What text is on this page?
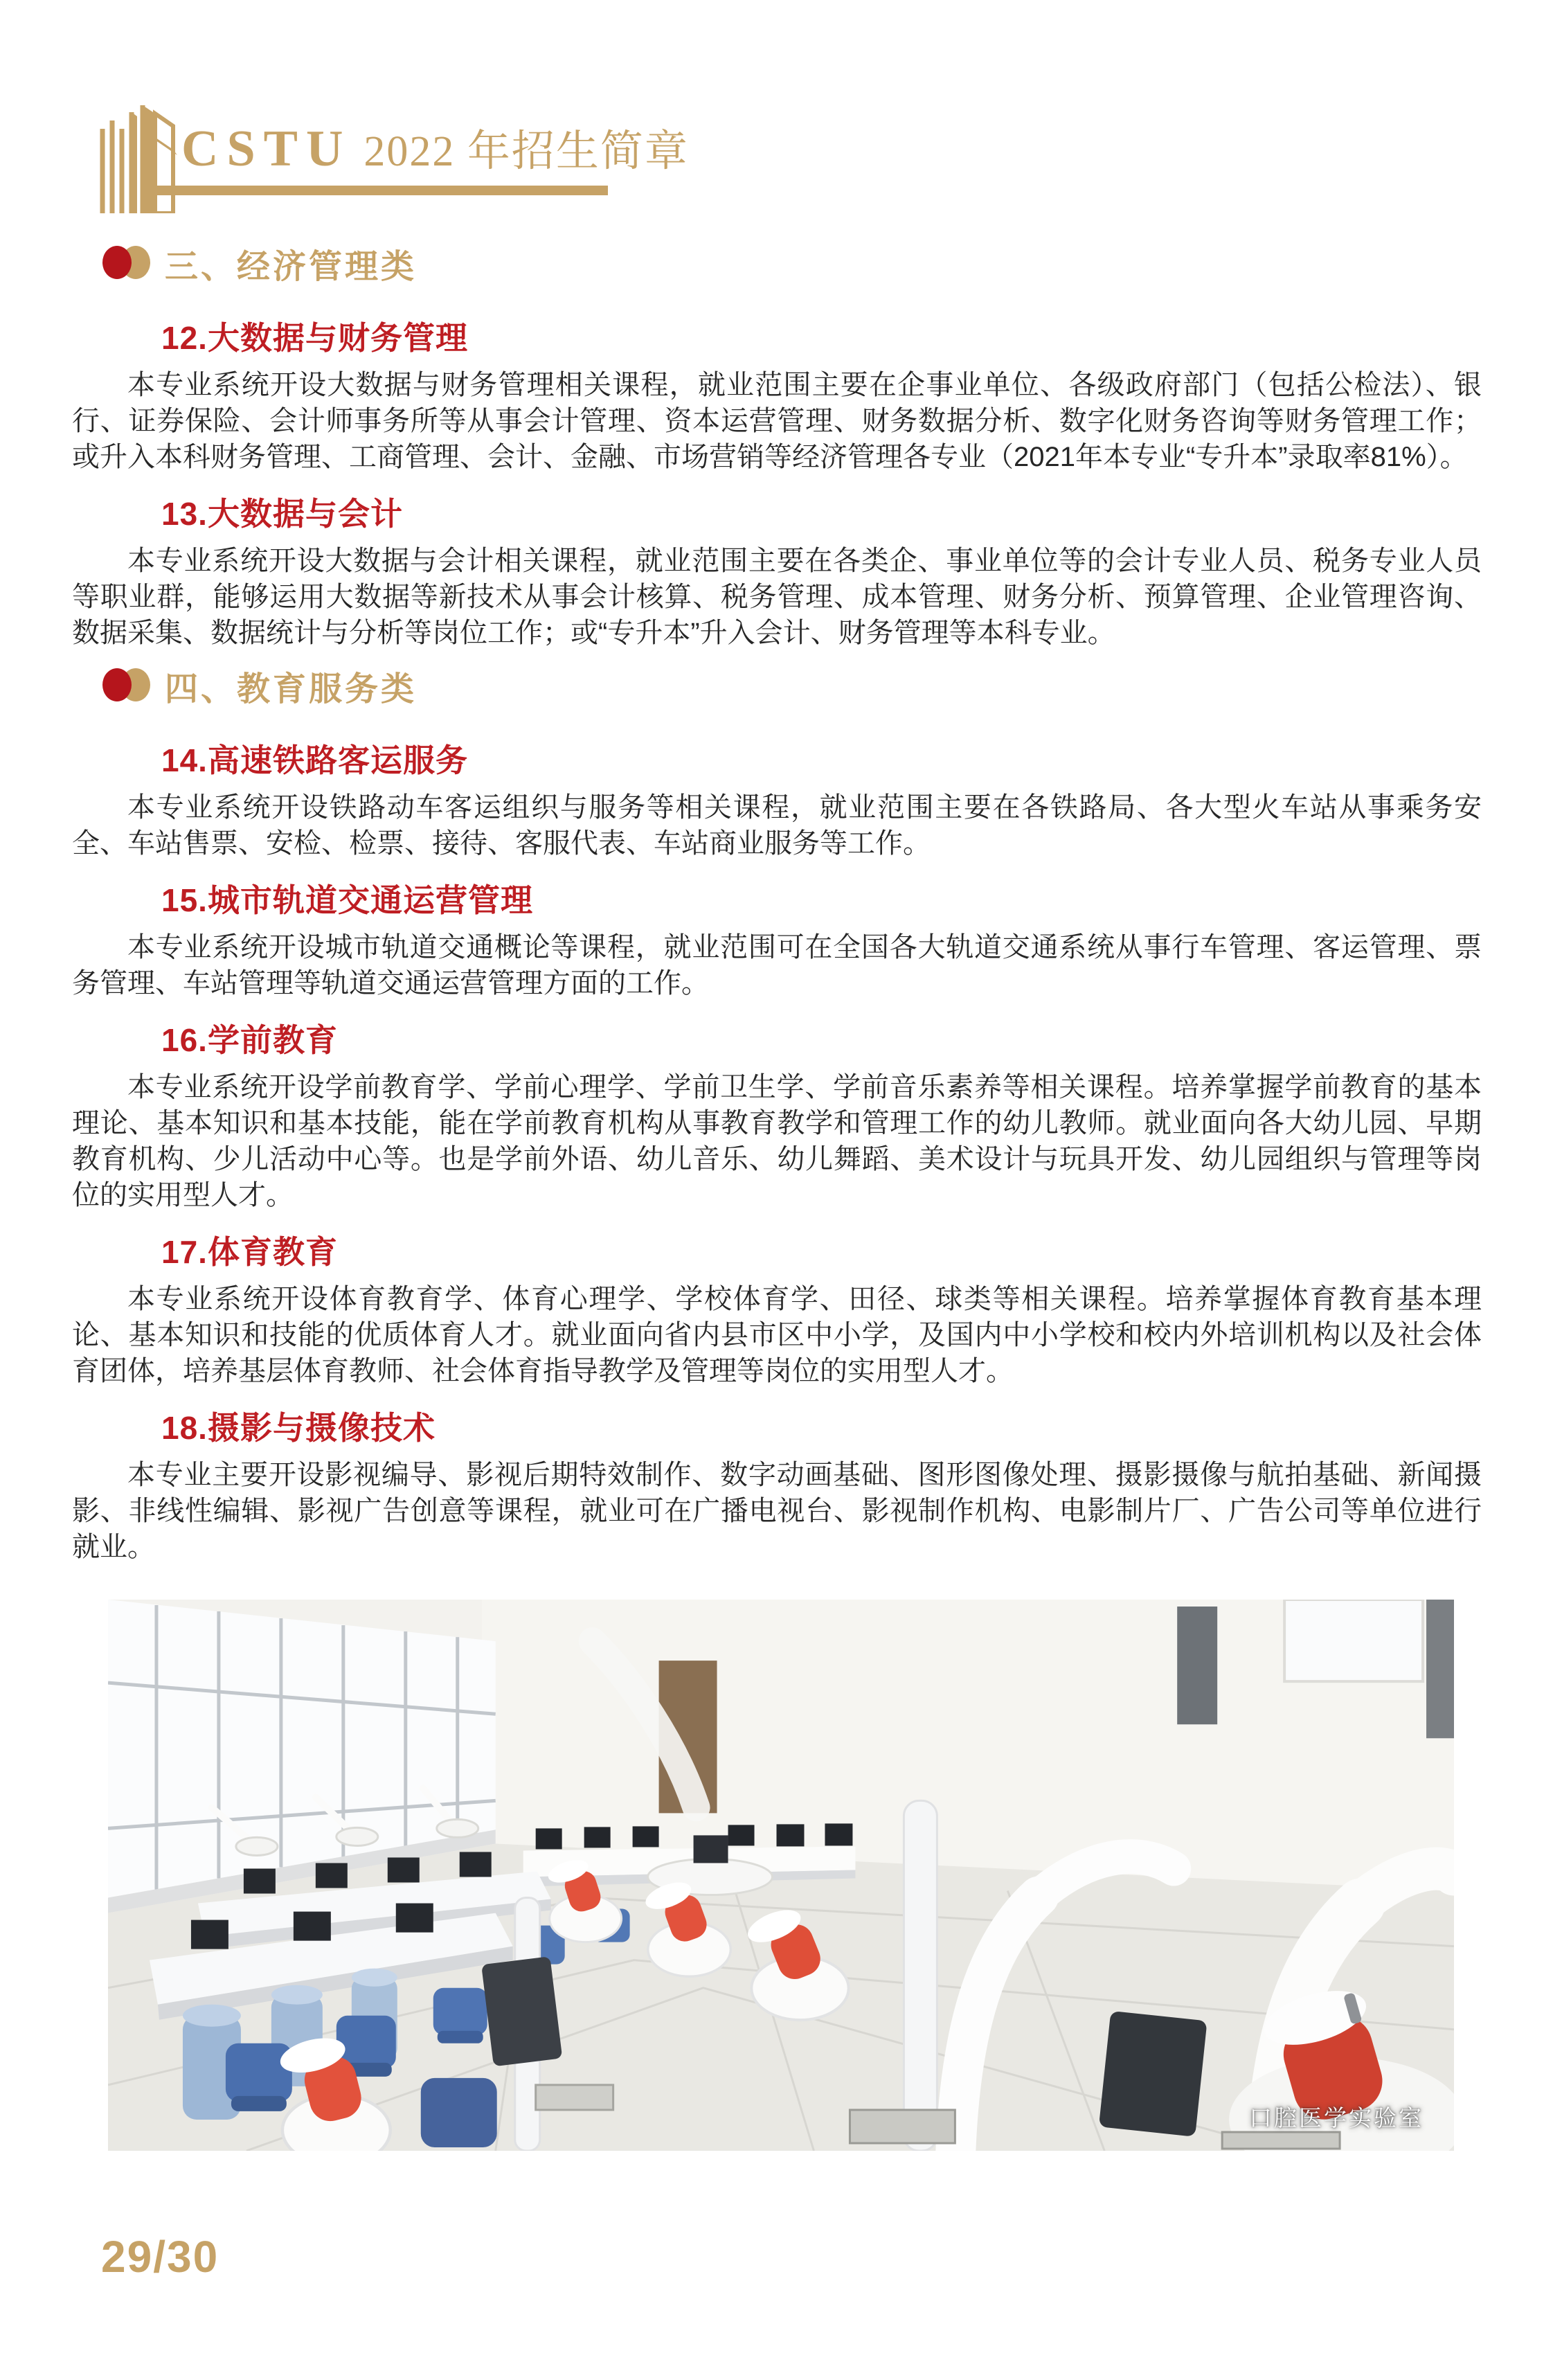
CSTU 2022 年招生简章
三、经济管理类
12.大数据与财务管理

本专业系统开设大数据与财务管理相关课程，就业范围主要在企事业单位、各级政府部门（包括公检法）、银行、证券保险、会计师事务所等从事会计管理、资本运营管理、财务数据分析、数字化财务咨询等财务管理工作；或升入本科财务管理、工商管理、会计、金融、市场营销等经济管理各专业（2021年本专业“专升本”录取率81%）。

13.大数据与会计

本专业系统开设大数据与会计相关课程，就业范围主要在各类企、事业单位等的会计专业人员、税务专业人员等职业群，能够运用大数据等新技术从事会计核算、税务管理、成本管理、财务分析、预算管理、企业管理咨询、数据采集、数据统计与分析等岗位工作；或“专升本”升入会计、财务管理等本科专业。

四、教育服务类
14.高速铁路客运服务

本专业系统开设铁路动车客运组织与服务等相关课程，就业范围主要在各铁路局、各大型火车站从事乘务安全、车站售票、安检、检票、接待、客服代表、车站商业服务等工作。

15.城市轨道交通运营管理

本专业系统开设城市轨道交通概论等课程，就业范围可在全国各大轨道交通系统从事行车管理、客运管理、票务管理、车站管理等轨道交通运营管理方面的工作。

16.学前教育

本专业系统开设学前教育学、学前心理学、学前卫生学、学前音乐素养等相关课程。培养掌握学前教育的基本理论、基本知识和基本技能，能在学前教育机构从事教育教学和管理工作的幼儿教师。就业面向各大幼儿园、早期教育机构、少儿活动中心等。也是学前外语、幼儿音乐、幼儿舞蹈、美术设计与玩具开发、幼儿园组织与管理等岗位的实用型人才。

17.体育教育

本专业系统开设体育教育学、体育心理学、学校体育学、田径、球类等相关课程。培养掌握体育教育基本理论、基本知识和技能的优质体育人才。就业面向省内县市区中小学，及国内中小学校和校内外培训机构以及社会体育团体，培养基层体育教师、社会体育指导教学及管理等岗位的实用型人才。

18.摄影与摄像技术

本专业主要开设影视编导、影视后期特效制作、数字动画基础、图形图像处理、摄影摄像与航拍基础、新闻摄影、非线性编辑、影视广告创意等课程，就业可在广播电视台、影视制作机构、电影制片厂、广告公司等单位进行就业。

口腔医学实验室
29/30
